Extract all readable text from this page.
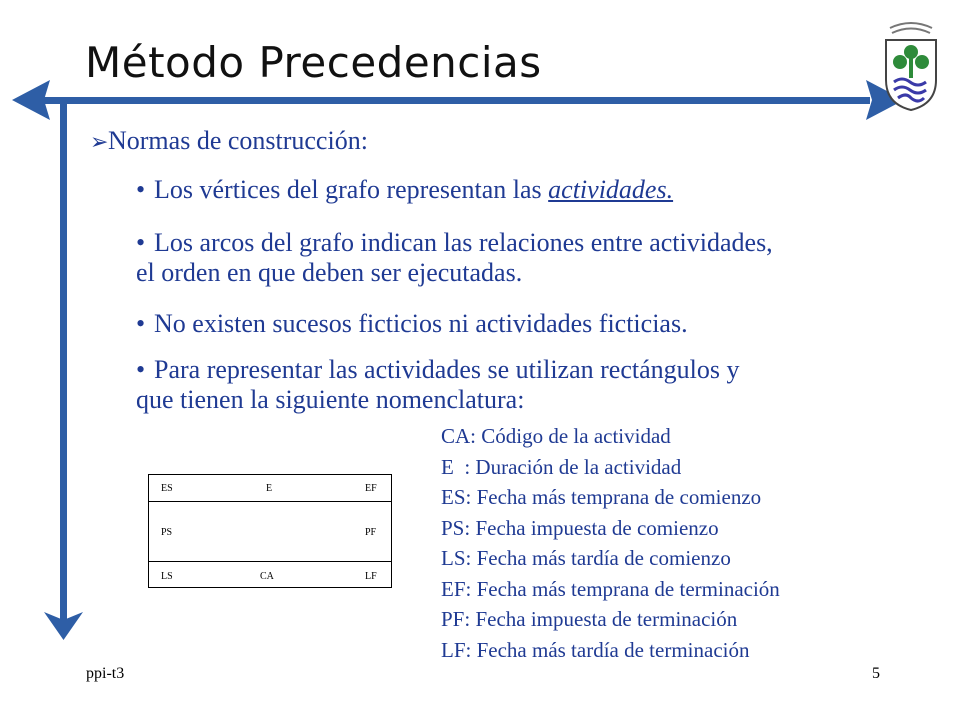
Método Precedencias
➢Normas de construcción:
• Los vértices del grafo representan las actividades.
• Los arcos del grafo indican las relaciones entre actividades,
el orden en que deben ser ejecutadas.
• No existen sucesos ficticios ni actividades ficticias.
• Para representar las actividades se utilizan rectángulos y
que tienen la siguiente nomenclatura:
CA: Código de la actividad
E  : Duración de la actividad
ES: Fecha más temprana de comienzo
PS: Fecha impuesta de comienzo
LS: Fecha más tardía de comienzo
EF: Fecha más temprana de terminación
PF: Fecha impuesta de terminación
LF: Fecha más tardía de terminación
ES	E	EF
PS	PF
LS	CA	LF
ppi-t3	5
